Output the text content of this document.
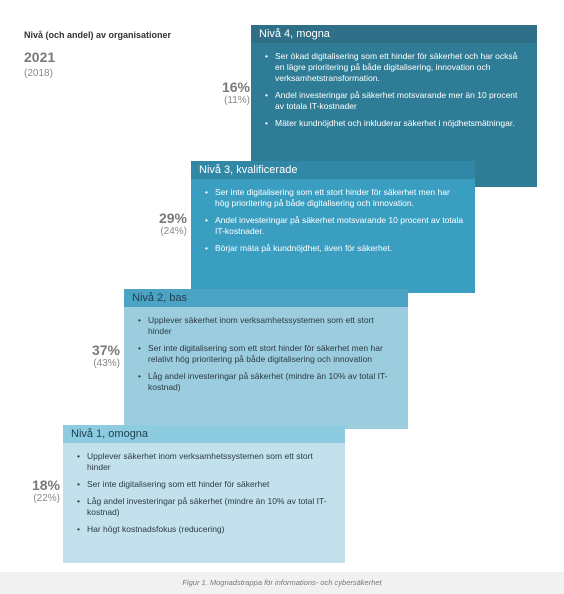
Nivå (och andel) av organisationer
2021
(2018)
16%
(11%)
Nivå 4, mogna
• Ser ökad digitalisering som ett hinder för säkerhet och har också en lägre prioritering på både digitalisering, innovation och verksamhetstransformation.
• Andel investeringar på säkerhet motsvarande mer än 10 procent av totala IT-kostnader
• Mäter kundnöjdhet och inkluderar säkerhet i nöjdhetsmätningar.
29%
(24%)
Nivå 3, kvalificerade
• Ser inte digitalisering som ett stort hinder för säkerhet men har hög prioritering på både digitalisering och innovation.
• Andel investeringar på säkerhet motsvarande 10 procent av totala IT-kostnader.
• Börjar mäta på kundnöjdhet, även för säkerhet.
37%
(43%)
Nivå 2, bas
• Upplever säkerhet inom verksamhetssystemen som ett stort hinder
• Ser inte digitalisering som ett stort hinder för säkerhet men har relativt hög prioritering på både digitalisering och innovation
• Låg andel investeringar på säkerhet (mindre än 10% av total IT-kostnad)
18%
(22%)
Nivå 1, omogna
• Upplever säkerhet inom verksamhetssystemen som ett stort hinder
• Ser inte digitalisering som ett hinder för säkerhet
• Låg andel investeringar på säkerhet (mindre än 10% av total IT-kostnad)
• Har högt kostnadsfokus (reducering)
Figur 1. Mognadstrappa för informations- och cybersäkerhet
